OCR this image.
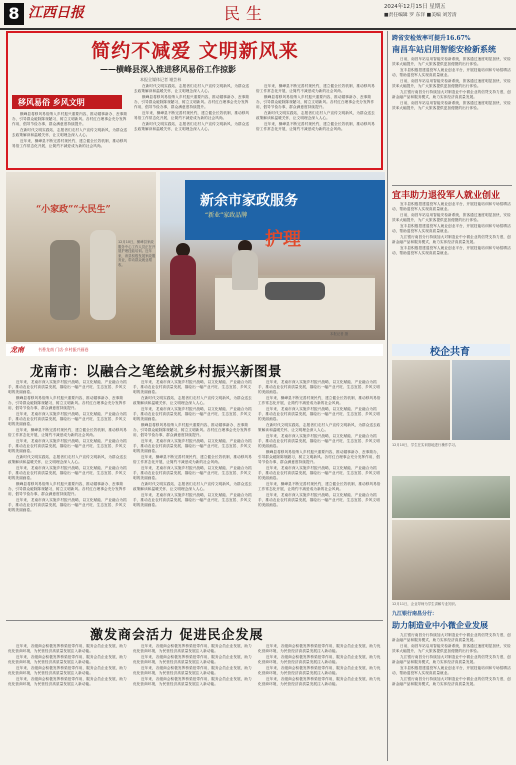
8 江西日报	民生	2024年12月15日 星期五
■责任编辑 罗 东洋 ■美编 刘芳清
简约不减爱 文明新风来
——横峰县深入推进移风易俗工作掠影
本报全媒体记者 谢芸林
移风易俗 乡风文明

横峰县将移风易俗纳入乡村振兴重要内容，推动婚事新办、丧事简办，引导群众破除陈规陋习，树立文明新风。各村红白理事会充分发挥作用，倡导节俭办事，群众满意度持续提升。

在新时代文明实践站，志愿者们走村入户宣传文明新风，为群众送去政策解读和温暖关怀，让文明理念深入人心。

近年来，横峰县不断完善村规民约，建立健全长效机制，推动移风易俗工作常态化开展，让简约不减爱成为新的社会风尚。

在新时代文明实践站，志愿者们走村入户宣传文明新风，为群众送去政策解读和温暖关怀，让文明理念深入人心。

横峰县将移风易俗纳入乡村振兴重要内容，推动婚事新办、丧事简办，引导群众破除陈规陋习，树立文明新风。各村红白理事会充分发挥作用，倡导节俭办事，群众满意度持续提升。

近年来，横峰县不断完善村规民约，建立健全长效机制，推动移风易俗工作常态化开展，让简约不减爱成为新的社会风尚。

在新时代文明实践站，志愿者们走村入户宣传文明新风，为群众送去政策解读和温暖关怀，让文明理念深入人心。

近年来，横峰县不断完善村规民约，建立健全长效机制，推动移风易俗工作常态化开展，让简约不减爱成为新的社会风尚。

横峰县将移风易俗纳入乡村振兴重要内容，推动婚事新办、丧事简办，引导群众破除陈规陋习，树立文明新风。各村红白理事会充分发挥作用，倡导节俭办事，群众满意度持续提升。

在新时代文明实践站，志愿者们走村入户宣传文明新风，为群众送去政策解读和温暖关怀，让文明理念深入人心。

近年来，横峰县不断完善村规民约，建立健全长效机制，推动移风易俗工作常态化开展，让简约不减爱成为新的社会风尚。

“小家政”“大民生”
12月10日，横峰县家政服务中心工作人员正在开展护理技能培训。近年来，该县积极发展家政服务业，带动群众就业增收。
新余市家政服务
“新业”家政品牌
护理
本报记者 摄
跨省安检效率可提升16.67%
南昌车站启用智能安检新系统

日前，南昌车站启用智能安检新系统，旅客通过速度明显加快，安检效率大幅提升，为广大旅客提供更加便捷的出行体验。

宜丰县积极搭建退役军人就业创业平台，开展技能培训和专场招聘活动，帮助退役军人实现高质量就业。

日前，南昌车站启用智能安检新系统，旅客通过速度明显加快，安检效率大幅提升，为广大旅客提供更加便捷的出行体验。

九江银行南昌分行持续加大对制造业中小微企业的信贷支持力度，创新金融产品和服务模式，助力实体经济高质量发展。

日前，南昌车站启用智能安检新系统，旅客通过速度明显加快，安检效率大幅提升，为广大旅客提供更加便捷的出行体验。

宜丰助力退役军人就业创业

宜丰县积极搭建退役军人就业创业平台，开展技能培训和专场招聘活动，帮助退役军人实现高质量就业。

日前，南昌车站启用智能安检新系统，旅客通过速度明显加快，安检效率大幅提升，为广大旅客提供更加便捷的出行体验。

宜丰县积极搭建退役军人就业创业平台，开展技能培训和专场招聘活动，帮助退役军人实现高质量就业。

九江银行南昌分行持续加大对制造业中小微企业的信贷支持力度，创新金融产品和服务模式，助力实体经济高质量发展。

宜丰县积极搭建退役军人就业创业平台，开展技能培训和专场招聘活动，帮助退役军人实现高质量就业。

校企共育
12月10日，学生在实训基地进行操作学习。
12月11日，企业导师为学生讲解专业知识。
九江银行南昌分行：
助力制造业中小微企业发展

九江银行南昌分行持续加大对制造业中小微企业的信贷支持力度，创新金融产品和服务模式，助力实体经济高质量发展。

日前，南昌车站启用智能安检新系统，旅客通过速度明显加快，安检效率大幅提升，为广大旅客提供更加便捷的出行体验。

九江银行南昌分行持续加大对制造业中小微企业的信贷支持力度，创新金融产品和服务模式，助力实体经济高质量发展。

宜丰县积极搭建退役军人就业创业平台，开展技能培训和专场招聘活动，帮助退役军人实现高质量就业。

九江银行南昌分行持续加大对制造业中小微企业的信贷支持力度，创新金融产品和服务模式，助力实体经济高质量发展。

龙南	书香龙南 门店·乡村振兴画卷
龙南市：以融合之笔绘就乡村振兴新图景

近年来，龙南市深入实施乡村振兴战略，以文化赋能、产业融合为抓手，推动农业农村高质量发展，描绘出一幅产业兴旺、生态宜居、乡风文明的美丽画卷。

横峰县将移风易俗纳入乡村振兴重要内容，推动婚事新办、丧事简办，引导群众破除陈规陋习，树立文明新风。各村红白理事会充分发挥作用，倡导节俭办事，群众满意度持续提升。

近年来，龙南市深入实施乡村振兴战略，以文化赋能、产业融合为抓手，推动农业农村高质量发展，描绘出一幅产业兴旺、生态宜居、乡风文明的美丽画卷。

近年来，横峰县不断完善村规民约，建立健全长效机制，推动移风易俗工作常态化开展，让简约不减爱成为新的社会风尚。

近年来，龙南市深入实施乡村振兴战略，以文化赋能、产业融合为抓手，推动农业农村高质量发展，描绘出一幅产业兴旺、生态宜居、乡风文明的美丽画卷。

在新时代文明实践站，志愿者们走村入户宣传文明新风，为群众送去政策解读和温暖关怀，让文明理念深入人心。

近年来，龙南市深入实施乡村振兴战略，以文化赋能、产业融合为抓手，推动农业农村高质量发展，描绘出一幅产业兴旺、生态宜居、乡风文明的美丽画卷。

横峰县将移风易俗纳入乡村振兴重要内容，推动婚事新办、丧事简办，引导群众破除陈规陋习，树立文明新风。各村红白理事会充分发挥作用，倡导节俭办事，群众满意度持续提升。

近年来，龙南市深入实施乡村振兴战略，以文化赋能、产业融合为抓手，推动农业农村高质量发展，描绘出一幅产业兴旺、生态宜居、乡风文明的美丽画卷。

近年来，龙南市深入实施乡村振兴战略，以文化赋能、产业融合为抓手，推动农业农村高质量发展，描绘出一幅产业兴旺、生态宜居、乡风文明的美丽画卷。

在新时代文明实践站，志愿者们走村入户宣传文明新风，为群众送去政策解读和温暖关怀，让文明理念深入人心。

近年来，龙南市深入实施乡村振兴战略，以文化赋能、产业融合为抓手，推动农业农村高质量发展，描绘出一幅产业兴旺、生态宜居、乡风文明的美丽画卷。

横峰县将移风易俗纳入乡村振兴重要内容，推动婚事新办、丧事简办，引导群众破除陈规陋习，树立文明新风。各村红白理事会充分发挥作用，倡导节俭办事，群众满意度持续提升。

近年来，龙南市深入实施乡村振兴战略，以文化赋能、产业融合为抓手，推动农业农村高质量发展，描绘出一幅产业兴旺、生态宜居、乡风文明的美丽画卷。

近年来，横峰县不断完善村规民约，建立健全长效机制，推动移风易俗工作常态化开展，让简约不减爱成为新的社会风尚。

近年来，龙南市深入实施乡村振兴战略，以文化赋能、产业融合为抓手，推动农业农村高质量发展，描绘出一幅产业兴旺、生态宜居、乡风文明的美丽画卷。

在新时代文明实践站，志愿者们走村入户宣传文明新风，为群众送去政策解读和温暖关怀，让文明理念深入人心。

近年来，龙南市深入实施乡村振兴战略，以文化赋能、产业融合为抓手，推动农业农村高质量发展，描绘出一幅产业兴旺、生态宜居、乡风文明的美丽画卷。

近年来，龙南市深入实施乡村振兴战略，以文化赋能、产业融合为抓手，推动农业农村高质量发展，描绘出一幅产业兴旺、生态宜居、乡风文明的美丽画卷。

近年来，横峰县不断完善村规民约，建立健全长效机制，推动移风易俗工作常态化开展，让简约不减爱成为新的社会风尚。

近年来，龙南市深入实施乡村振兴战略，以文化赋能、产业融合为抓手，推动农业农村高质量发展，描绘出一幅产业兴旺、生态宜居、乡风文明的美丽画卷。

在新时代文明实践站，志愿者们走村入户宣传文明新风，为群众送去政策解读和温暖关怀，让文明理念深入人心。

近年来，龙南市深入实施乡村振兴战略，以文化赋能、产业融合为抓手，推动农业农村高质量发展，描绘出一幅产业兴旺、生态宜居、乡风文明的美丽画卷。

横峰县将移风易俗纳入乡村振兴重要内容，推动婚事新办、丧事简办，引导群众破除陈规陋习，树立文明新风。各村红白理事会充分发挥作用，倡导节俭办事，群众满意度持续提升。

近年来，龙南市深入实施乡村振兴战略，以文化赋能、产业融合为抓手，推动农业农村高质量发展，描绘出一幅产业兴旺、生态宜居、乡风文明的美丽画卷。

近年来，横峰县不断完善村规民约，建立健全长效机制，推动移风易俗工作常态化开展，让简约不减爱成为新的社会风尚。

近年来，龙南市深入实施乡村振兴战略，以文化赋能、产业融合为抓手，推动农业农村高质量发展，描绘出一幅产业兴旺、生态宜居、乡风文明的美丽画卷。

激发商会活力 促进民企发展

近年来，各级商会积极发挥桥梁纽带作用，服务会员企业发展，助力优化营商环境，为民营经济高质量发展注入新动能。

近年来，各级商会积极发挥桥梁纽带作用，服务会员企业发展，助力优化营商环境，为民营经济高质量发展注入新动能。

近年来，各级商会积极发挥桥梁纽带作用，服务会员企业发展，助力优化营商环境，为民营经济高质量发展注入新动能。

近年来，各级商会积极发挥桥梁纽带作用，服务会员企业发展，助力优化营商环境，为民营经济高质量发展注入新动能。

近年来，各级商会积极发挥桥梁纽带作用，服务会员企业发展，助力优化营商环境，为民营经济高质量发展注入新动能。

近年来，各级商会积极发挥桥梁纽带作用，服务会员企业发展，助力优化营商环境，为民营经济高质量发展注入新动能。

近年来，各级商会积极发挥桥梁纽带作用，服务会员企业发展，助力优化营商环境，为民营经济高质量发展注入新动能。

近年来，各级商会积极发挥桥梁纽带作用，服务会员企业发展，助力优化营商环境，为民营经济高质量发展注入新动能。

近年来，各级商会积极发挥桥梁纽带作用，服务会员企业发展，助力优化营商环境，为民营经济高质量发展注入新动能。

近年来，各级商会积极发挥桥梁纽带作用，服务会员企业发展，助力优化营商环境，为民营经济高质量发展注入新动能。

近年来，各级商会积极发挥桥梁纽带作用，服务会员企业发展，助力优化营商环境，为民营经济高质量发展注入新动能。

近年来，各级商会积极发挥桥梁纽带作用，服务会员企业发展，助力优化营商环境，为民营经济高质量发展注入新动能。
